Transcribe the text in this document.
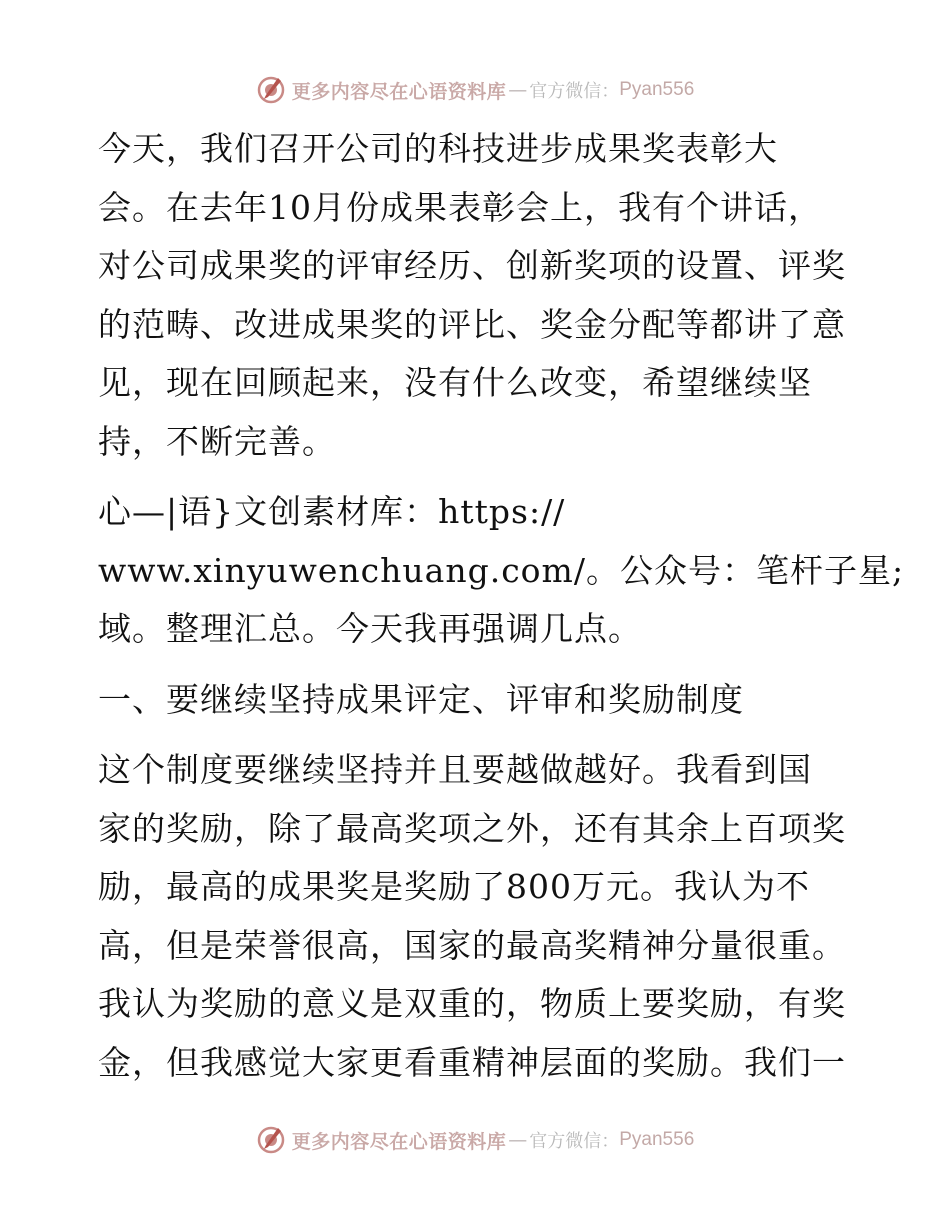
更多内容尽在心语资料库 — 官方微信： Pyan556
今天，我们召开公司的科技进步成果奖表彰大
会。在去年10月份成果表彰会上，我有个讲话，
对公司成果奖的评审经历、创新奖项的设置、评奖
的范畴、改进成果奖的评比、奖金分配等都讲了意
见，现在回顾起来，没有什么改变，希望继续坚
持，不断完善。
心—|语}文创素材库：https://
www.xinyuwenchuang.com/。公众号：笔杆子星;
域。整理汇总。今天我再强调几点。
一、要继续坚持成果评定、评审和奖励制度
这个制度要继续坚持并且要越做越好。我看到国
家的奖励，除了最高奖项之外，还有其余上百项奖
励，最高的成果奖是奖励了800万元。我认为不
高，但是荣誉很高，国家的最高奖精神分量很重。
我认为奖励的意义是双重的，物质上要奖励，有奖
金，但我感觉大家更看重精神层面的奖励。我们一
更多内容尽在心语资料库 — 官方微信： Pyan556
